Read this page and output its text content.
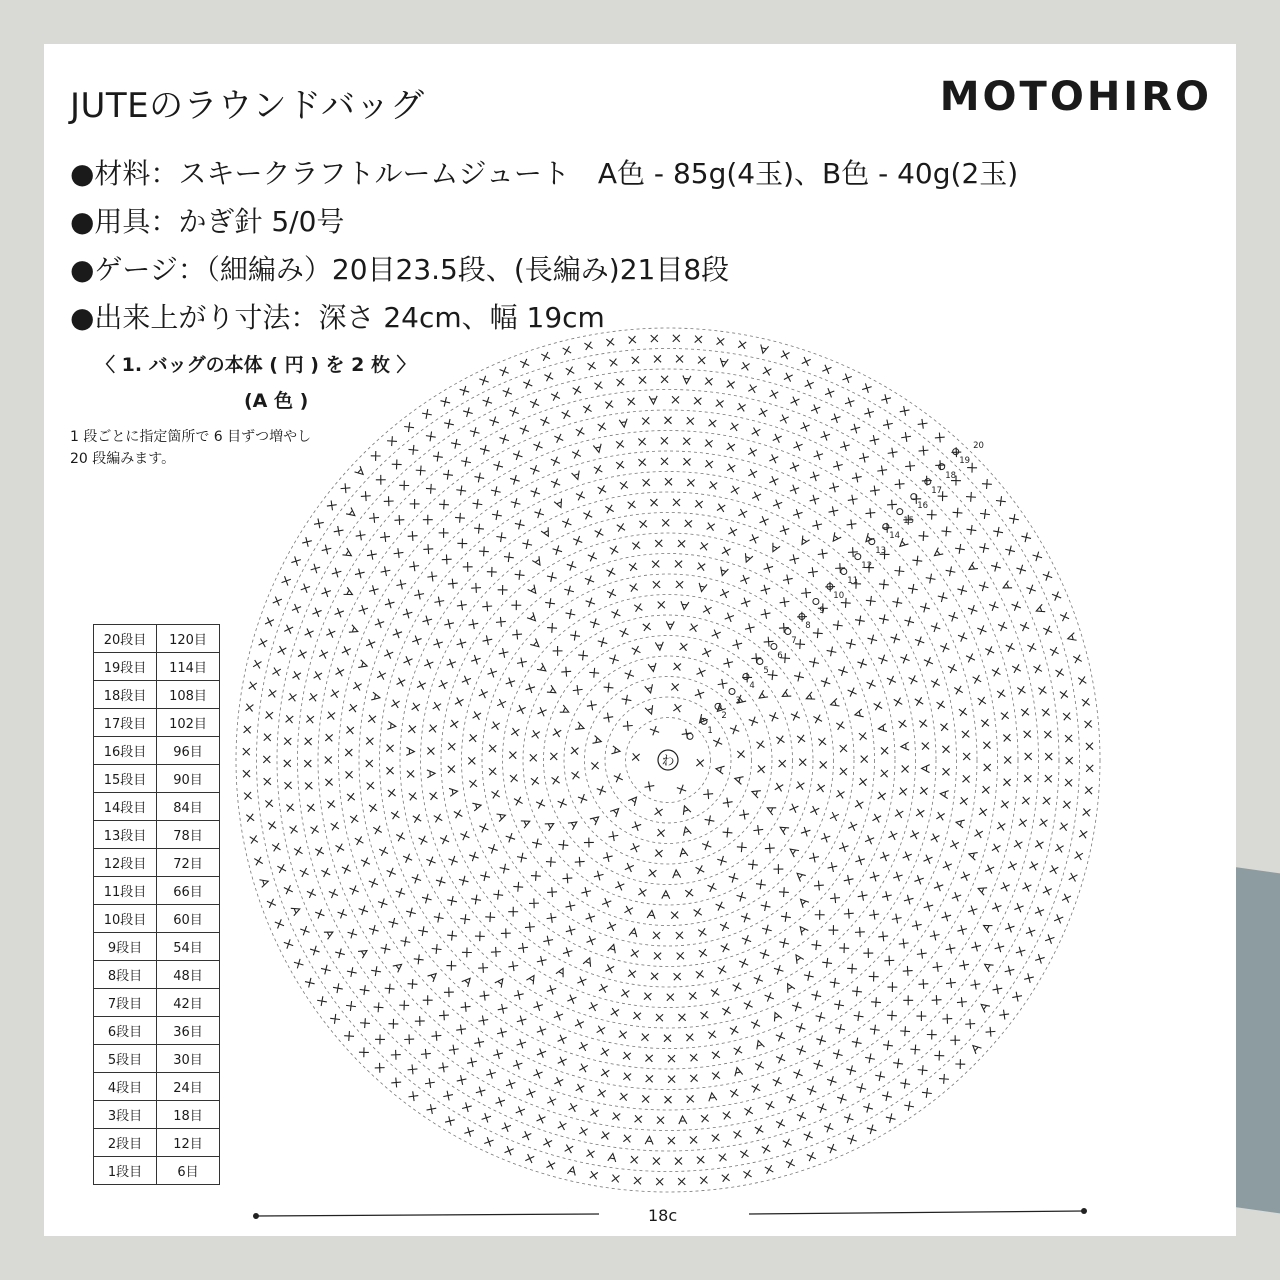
JUTEのラウンドバッグ	MOTOHIRO
●材料：スキークラフトルームジュート　A色 - 85g(4玉)、B色 - 40g(2玉)
●用具：かぎ針 5/0号
●ゲージ：（細編み）20目23.5段、(長編み)21目8段
●出来上がり寸法：深さ 24cm、幅 19cm
〈 1. バッグの本体 ( 円 ) を 2 枚 〉
(A 色 )
1 段ごとに指定箇所で 6 目ずつ増やし
20 段編みます。
20段目	120目
19段目	114目
18段目	108目
17段目	102目
16段目	96目
15段目	90目
14段目	84目
13段目	78目
12段目	72目
11段目	66目
10段目	60目
9段目	54目
8段目	48目
7段目	42目
6段目	36目
5段目	30目
4段目	24目
3段目	18目
2段目	12目
1段目	6目
わ
1
2
3
4
5
6
7
8
9
10
11
12
13
14
15
16
17
18
19
20
18c
